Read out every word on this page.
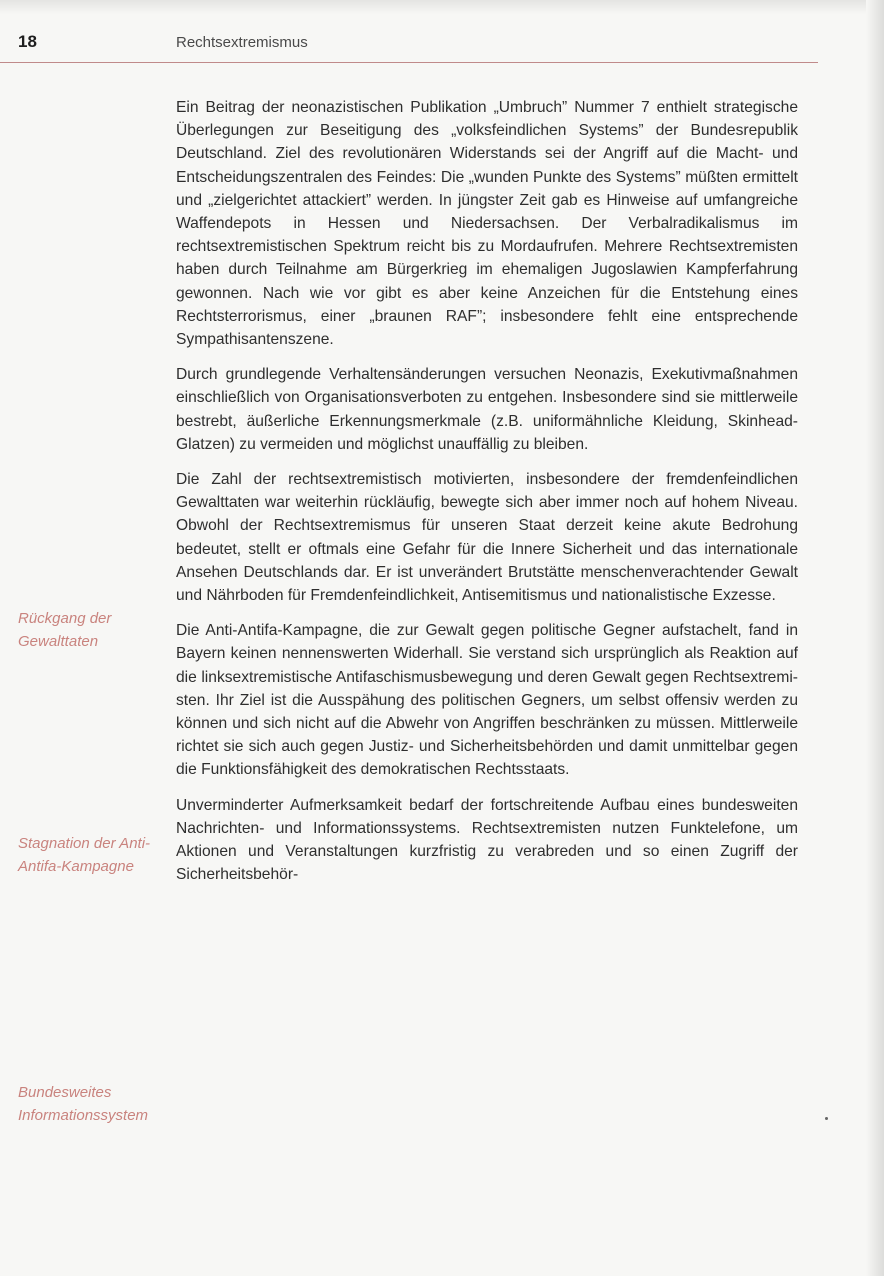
18	Rechtsextremismus

Ein Beitrag der neonazistischen Publikation „Umbruch” Nummer 7 enthielt strategische Überlegungen zur Beseitigung des „volksfeindlichen Systems” der Bundesrepublik Deutschland. Ziel des revolutionären Widerstands sei der Angriff auf die Macht- und Entscheidungszentralen des Feindes: Die „wunden Punkte des Systems” müßten ermittelt und „zielgerichtet attackiert” werden. In jüngster Zeit gab es Hinweise auf umfangreiche Waffendepots in Hessen und Niedersachsen. Der Verbalradikalismus im rechtsextremistischen Spektrum reicht bis zu Mordaufrufen. Mehrere Rechtsextremisten haben durch Teilnahme am Bürgerkrieg im ehemaligen Jugoslawien Kampferfahrung gewonnen. Nach wie vor gibt es aber keine Anzeichen für die Entstehung eines Rechtsterrorismus, einer „braunen RAF”; insbesondere fehlt eine entsprechende Sympathisantenszene.

Durch grundlegende Verhaltensänderungen versuchen Neonazis, Exekutivmaßnahmen einschließlich von Organisationsverboten zu entgehen. Insbesondere sind sie mittlerweile bestrebt, äußerliche Erkennungsmerkmale (z.B. uniformähnliche Kleidung, Skinhead-Glatzen) zu vermeiden und möglichst unauffällig zu bleiben.

Die Zahl der rechtsextremistisch motivierten, insbesondere der fremdenfeindlichen Gewalttaten war weiterhin rückläufig, bewegte sich aber immer noch auf hohem Niveau. Obwohl der Rechtsextremismus für unseren Staat derzeit keine akute Bedrohung bedeutet, stellt er oftmals eine Gefahr für die Innere Sicherheit und das internationale Ansehen Deutschlands dar. Er ist unverändert Brutstätte menschenverachtender Gewalt und Nährboden für Fremdenfeindlichkeit, Antisemitismus und nationalistische Exzesse.

Die Anti-Antifa-Kampagne, die zur Gewalt gegen politische Gegner aufstachelt, fand in Bayern keinen nennenswerten Widerhall. Sie verstand sich ursprünglich als Reaktion auf die linksextremistische Antifaschismusbewegung und deren Gewalt gegen Rechtsextremisten. Ihr Ziel ist die Ausspähung des politischen Gegners, um selbst offensiv werden zu können und sich nicht auf die Abwehr von Angriffen beschränken zu müssen. Mittlerweile richtet sie sich auch gegen Justiz- und Sicherheitsbehörden und damit unmittelbar gegen die Funktionsfähigkeit des demokratischen Rechtsstaats.

Unverminderter Aufmerksamkeit bedarf der fortschreitende Aufbau eines bundesweiten Nachrichten- und Informationssystems. Rechtsextremisten nutzen Funktelefone, um Aktionen und Veranstaltungen kurzfristig zu verabreden und so einen Zugriff der Sicherheitsbehör-

Rückgang der Gewalttaten
Stagnation der Anti-Antifa-Kampagne
Bundesweites Informationssystem
